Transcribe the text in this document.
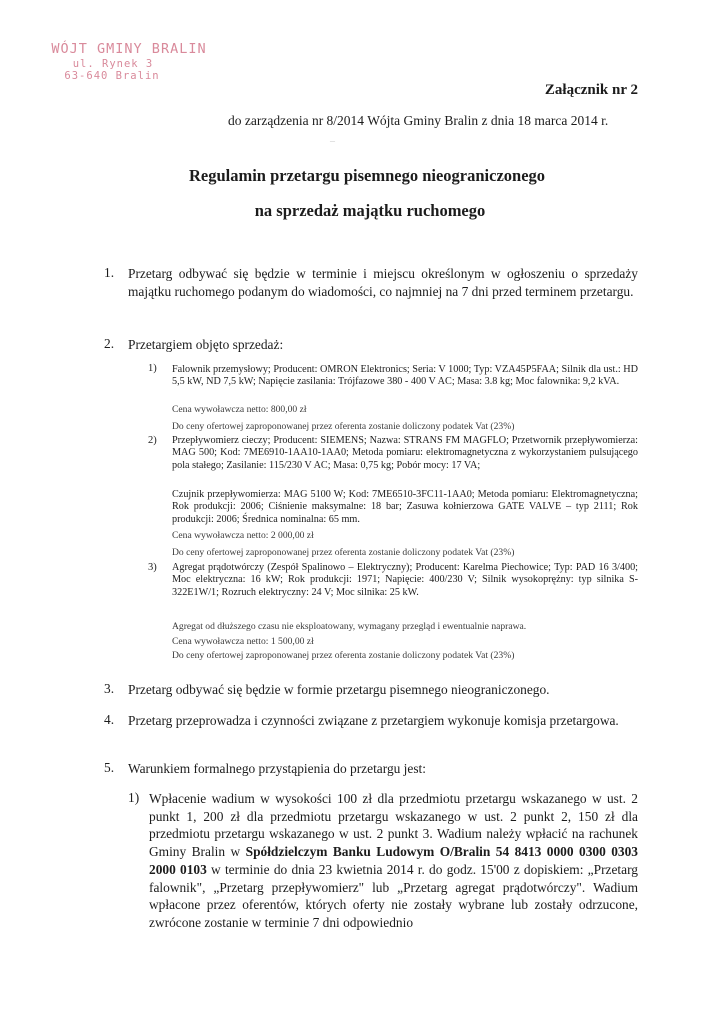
WÓJT GMINY BRALIN
ul. Rynek 3
63-640 Bralin
Załącznik nr 2
do zarządzenia nr 8/2014 Wójta Gminy Bralin z dnia 18 marca 2014 r.
–
Regulamin przetargu pisemnego nieograniczonego
na sprzedaż majątku ruchomego
1. Przetarg odbywać się będzie w terminie i miejscu określonym w ogłoszeniu o sprzedaży majątku ruchomego podanym do wiadomości, co najmniej na 7 dni przed terminem przetargu.
2. Przetargiem objęto sprzedaż:
1) Falownik przemysłowy; Producent: OMRON Elektronics; Seria: V 1000; Typ: VZA45P5FAA; Silnik dla ust.: HD 5,5 kW, ND 7,5 kW; Napięcie zasilania: Trójfazowe 380 - 400 V AC; Masa: 3.8 kg; Moc falownika: 9,2 kVA.
Cena wywoławcza netto: 800,00 zł
Do ceny ofertowej zaproponowanej przez oferenta zostanie doliczony podatek Vat (23%)
2) Przepływomierz cieczy; Producent: SIEMENS; Nazwa: STRANS FM MAGFLO; Przetwornik przepływomierza: MAG 500; Kod: 7ME6910-1AA10-1AA0; Metoda pomiaru: elektromagnetyczna z wykorzystaniem pulsującego pola stałego; Zasilanie: 115/230 V AC; Masa: 0,75 kg; Pobór mocy: 17 VA;
Czujnik przepływomierza: MAG 5100 W; Kod: 7ME6510-3FC11-1AA0; Metoda pomiaru: Elektromagnetyczna; Rok produkcji: 2006; Ciśnienie maksymalne: 18 bar; Zasuwa kołnierzowa GATE VALVE – typ 2111; Rok produkcji: 2006; Średnica nominalna: 65 mm.
Cena wywoławcza netto: 2 000,00 zł
Do ceny ofertowej zaproponowanej przez oferenta zostanie doliczony podatek Vat (23%)
3) Agregat prądotwórczy (Zespół Spalinowo – Elektryczny); Producent: Karelma Piechowice; Typ: PAD 16 3/400; Moc elektryczna: 16 kW; Rok produkcji: 1971; Napięcie: 400/230 V; Silnik wysokoprężny: typ silnika S-322E1W/1; Rozruch elektryczny: 24 V; Moc silnika: 25 kW.
Agregat od dłuższego czasu nie eksploatowany, wymagany przegląd i ewentualnie naprawa.
Cena wywoławcza netto: 1 500,00 zł
Do ceny ofertowej zaproponowanej przez oferenta zostanie doliczony podatek Vat (23%)
3. Przetarg odbywać się będzie w formie przetargu pisemnego nieograniczonego.
4. Przetarg przeprowadza i czynności związane z przetargiem wykonuje komisja przetargowa.
5. Warunkiem formalnego przystąpienia do przetargu jest:
1) Wpłacenie wadium w wysokości 100 zł dla przedmiotu przetargu wskazanego w ust. 2 punkt 1, 200 zł dla przedmiotu przetargu wskazanego w ust. 2 punkt 2, 150 zł dla przedmiotu przetargu wskazanego w ust. 2 punkt 3. Wadium należy wpłacić na rachunek Gminy Bralin w Spółdzielczym Banku Ludowym O/Bralin 54 8413 0000 0300 0303 2000 0103 w terminie do dnia 23 kwietnia 2014 r. do godz. 15'00 z dopiskiem: „Przetarg falownik", „Przetarg przepływomierz" lub „Przetarg agregat prądotwórczy". Wadium wpłacone przez oferentów, których oferty nie zostały wybrane lub zostały odrzucone, zwrócone zostanie w terminie 7 dni odpowiednio
